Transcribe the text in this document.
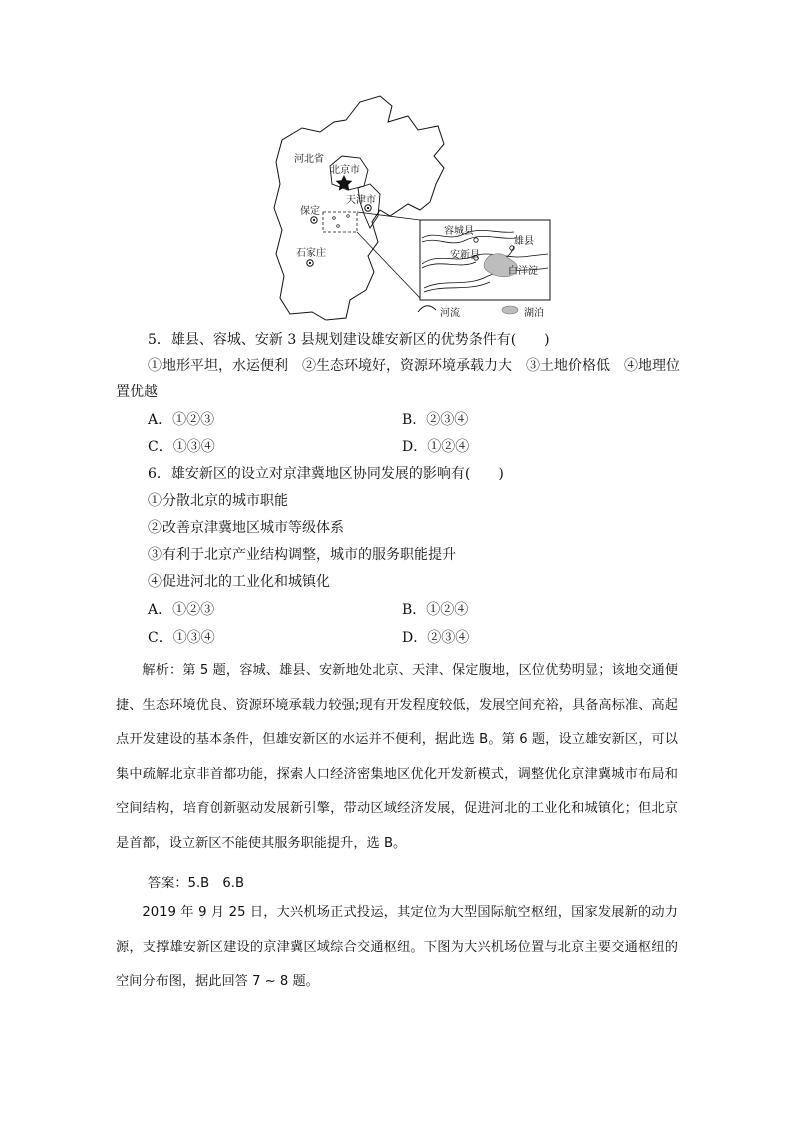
河北省
北京市
天津市
保定
石家庄
容城县
雄县
安新县
白洋淀
河流	湖泊
5．雄县、容城、安新 3 县规划建设雄安新区的优势条件有(　　)
①地形平坦，水运便利　②生态环境好，资源环境承载力大　③土地价格低　④地理位
置优越
A．①②③	B．②③④
C．①③④	D．①②④
6．雄安新区的设立对京津冀地区协同发展的影响有(　　)
①分散北京的城市职能
②改善京津冀地区城市等级体系
③有利于北京产业结构调整，城市的服务职能提升
④促进河北的工业化和城镇化
A．①②③	B．①②④
C．①③④	D．②③④

解析：第 5 题，容城、雄县、安新地处北京、天津、保定腹地，区位优势明显；该地交通便捷、生态环境优良、资源环境承载力较强;现有开发程度较低，发展空间充裕，具备高标准、高起点开发建设的基本条件，但雄安新区的水运并不便利，据此选 B。第 6 题，设立雄安新区，可以集中疏解北京非首都功能，探索人口经济密集地区优化开发新模式，调整优化京津冀城市布局和空间结构，培育创新驱动发展新引擎，带动区域经济发展，促进河北的工业化和城镇化；但北京是首都，设立新区不能使其服务职能提升，选 B。

答案：5.B　6.B

2019 年 9 月 25 日，大兴机场正式投运，其定位为大型国际航空枢纽，国家发展新的动力源，支撑雄安新区建设的京津冀区域综合交通枢纽。下图为大兴机场位置与北京主要交通枢纽的空间分布图，据此回答 7 ~ 8 题。
